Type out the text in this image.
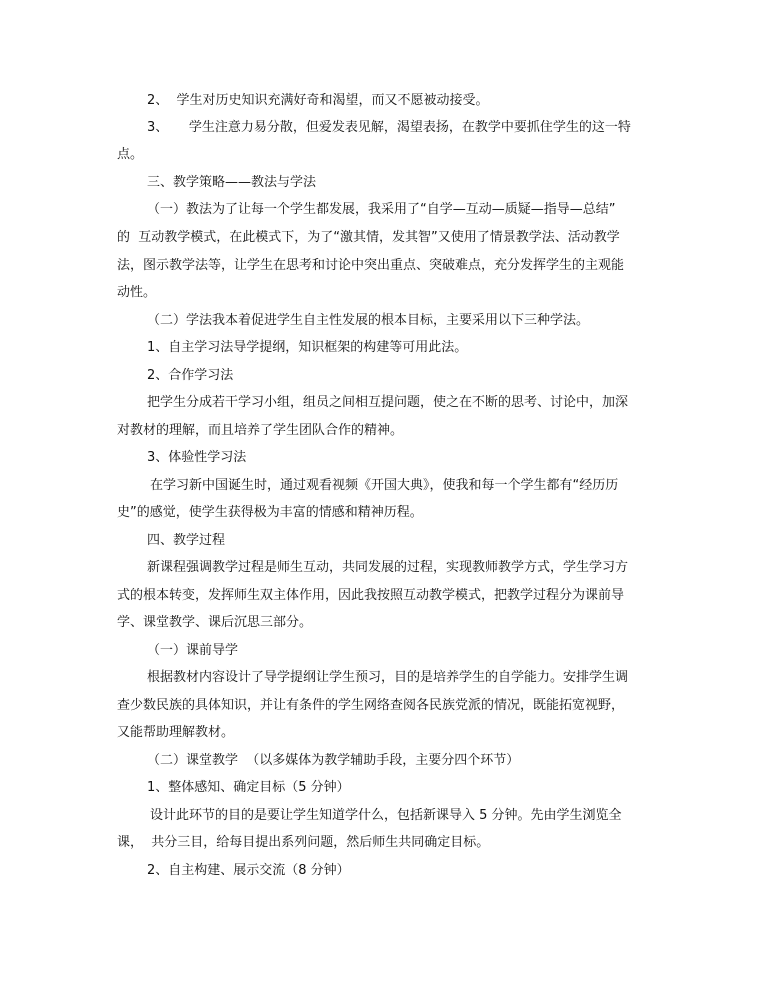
2、  学生对历史知识充满好奇和渴望，而又不愿被动接受。
3、     学生注意力易分散，但爱发表见解，渴望表扬，在教学中要抓住学生的这一特
点。
三、教学策略——教法与学法
（一）教法为了让每一个学生都发展，我采用了“自学—互动—质疑—指导—总结”
的  互动教学模式，在此模式下，为了“激其情，发其智”又使用了情景教学法、活动教学
法，图示教学法等，让学生在思考和讨论中突出重点、突破难点，充分发挥学生的主观能
动性。
（二）学法我本着促进学生自主性发展的根本目标，主要采用以下三种学法。
1、自主学习法导学提纲，知识框架的构建等可用此法。
2、合作学习法
把学生分成若干学习小组，组员之间相互提问题，使之在不断的思考、讨论中，加深
对教材的理解，而且培养了学生团队合作的精神。
3、体验性学习法
在学习新中国诞生时，通过观看视频《开国大典》，使我和每一个学生都有“经历历
史”的感觉，使学生获得极为丰富的情感和精神历程。
四、教学过程
新课程强调教学过程是师生互动，共同发展的过程，实现教师教学方式，学生学习方
式的根本转变，发挥师生双主体作用，因此我按照互动教学模式，把教学过程分为课前导
学、课堂教学、课后沉思三部分。
（一）课前导学
根据教材内容设计了导学提纲让学生预习，目的是培养学生的自学能力。安排学生调
查少数民族的具体知识，并让有条件的学生网络查阅各民族党派的情况，既能拓宽视野，
又能帮助理解教材。
（二）课堂教学  （以多媒体为教学辅助手段，主要分四个环节）
1、整体感知、确定目标（5 分钟）
设计此环节的目的是要让学生知道学什么，包括新课导入 5 分钟。先由学生浏览全
课，  共分三目，给每目提出系列问题，然后师生共同确定目标。
2、自主构建、展示交流（8 分钟）
